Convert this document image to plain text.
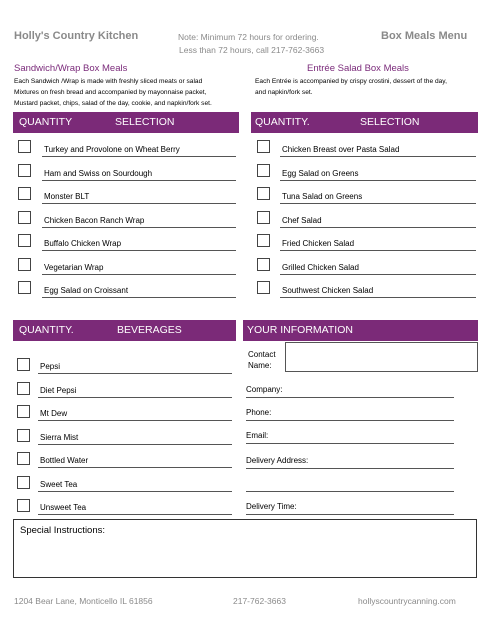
Holly's Country Kitchen	Note: Minimum 72 hours for ordering.
Less than 72 hours, call 217-762-3663
Box Meals Menu
Sandwich/Wrap Box Meals
Each Sandwich /Wrap is made with freshly sliced meats or salad
Mixtures on fresh bread and accompanied by mayonnaise packet,
Mustard packet, chips, salad of the day, cookie, and napkin/fork set.
QUANTITY	SELECTION
Turkey and Provolone on Wheat Berry
Ham and Swiss on Sourdough
Monster BLT
Chicken Bacon Ranch Wrap
Buffalo Chicken Wrap
Vegetarian Wrap
Egg Salad on Croissant
Entrée Salad Box Meals
Each Entrée is accompanied by crispy crostini, dessert of the day,
and napkin/fork set.
QUANTITY.	SELECTION
Chicken Breast over Pasta Salad
Egg Salad on Greens
Tuna Salad on Greens
Chef Salad
Fried Chicken Salad
Grilled Chicken Salad
Southwest Chicken Salad
QUANTITY.	BEVERAGES
Pepsi
Diet Pepsi
Mt Dew
Sierra Mist
Bottled Water
Sweet Tea
Unsweet Tea
YOUR INFORMATION
Contact
Name:
Company:
Phone:
Email:
Delivery Address:
Delivery Time:
Special Instructions:
1204 Bear Lane, Monticello IL 61856	217-762-3663	hollyscountrycanning.com
